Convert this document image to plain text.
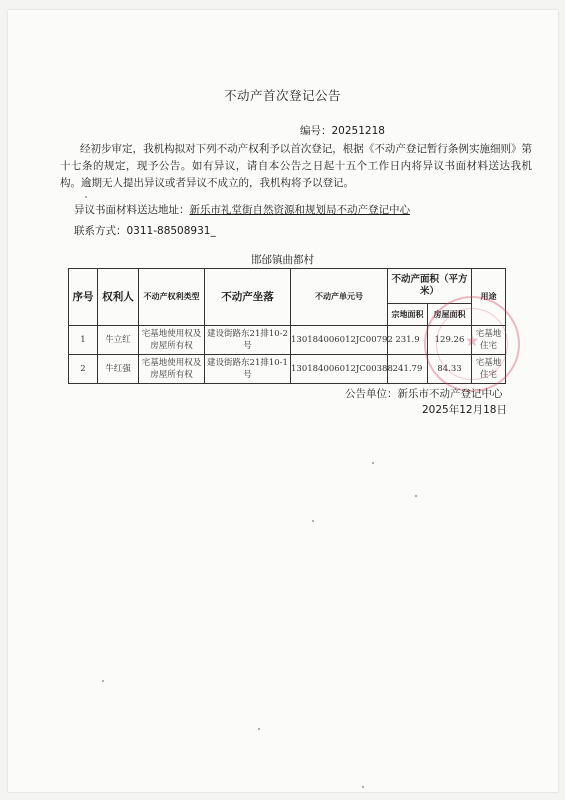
不动产首次登记公告
编号：20251218
经初步审定，我机构拟对下列不动产权利予以首次登记，根据《不动产登记暂行条例实施细则》第十七条的规定，现予公告。如有异议，请自本公告之日起十五个工作日内将异议书面材料送达我机构。逾期无人提出异议或者异议不成立的，我机构将予以登记。
异议书面材料送达地址：新乐市礼堂街自然资源和规划局不动产登记中心
联系方式：0311-88508931_
邯邰镇曲都村
序号	权利人	不动产权利类型	不动产坐落	不动产单元号	不动产面积（平方米）		用途
					宗地面积	房屋面积	
1	牛立红	宅基地使用权及房屋所有权	建设街路东21排10-2号	130184006012JC00792	231.9	129.26	宅基地住宅
2	牛红强	宅基地使用权及房屋所有权	建设街路东21排10-1号	130184006012JC00388	241.79	84.33	宅基地住宅
★
公告单位：新乐市不动产登记中心
2025年12月18日
